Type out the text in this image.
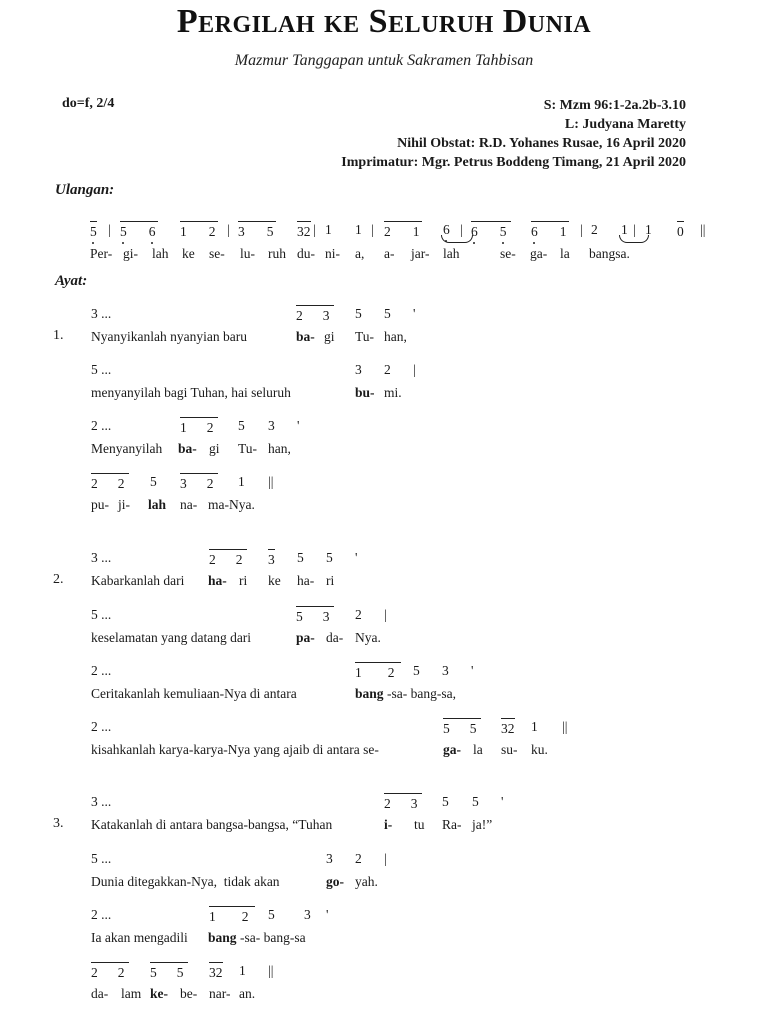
Pergilah ke Seluruh Dunia
Mazmur Tanggapan untuk Sakramen Tahbisan
do=f, 2/4	S: Mzm 96:1-2a.2b-3.10
L: Judyana Maretty
Nihil Obstat: R.D. Yohanes Rusae, 16 April 2020
Imprimatur: Mgr. Petrus Boddeng Timang, 21 April 2020
Ulangan:
5 | 5 6 1 2 | 3 5 32 | 1 1 | 2 1 6 | 6 5	6 1 | 2 1 | 1 0 ||
Per- gi- lah ke se- lu- ruh du- ni- a, a- jar- lah	se- ga- la bangsa.
Ayat:
3 ...	2 3	5 5 '
1. Nyanyikanlah nyanyian baru	ba- gi Tu- han,
5 ...	3 2 |
menyanyilah bagi Tuhan, hai seluruh	bu- mi.
2 ...	1 2	5 3 '
Menyanyilah ba- gi Tu- han,
2 2	5 3 2	1 ||
pu- ji- lah na- ma-Nya.
3 ...	2 2	3 5 5 '
2. Kabarkanlah dari ha- ri ke ha- ri
5 ...	5 3	2 |
keselamatan yang datang dari	pa- da- Nya.
2 ...	1 2	5 3 '
Ceritakanlah kemuliaan-Nya di antara	bang -sa- bang-sa,
2 ...	5 5	32 1 ||
kisahkanlah karya-karya-Nya yang ajaib di antara se-	ga- la su- ku.
3 ...	2 3	5 5 '
3. Katakanlah di antara bangsa-bangsa, “Tuhan	i- tu Ra- ja!”
5 ...	3 2 |
Dunia ditegakkan-Nya,  tidak akan	go- yah.
2 ...	1 2	5 3 '
Ia akan mengadili bang -sa- bang-sa
2 2	5 5	32 1 ||
da- lam ke- be- nar- an.
